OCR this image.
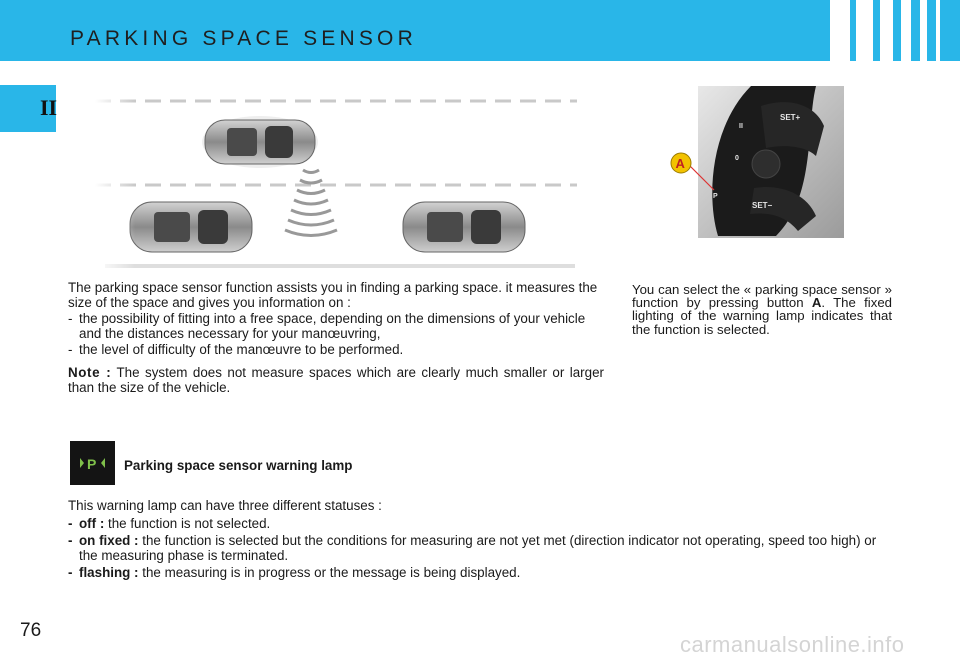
PARKING SPACE SENSOR
II	SET+
SET−
II
0
P
A

The parking space sensor function assists you in finding a parking space. it measures the size of the space and gives you information on :

- the possibility of fitting into a free space, depending on the dimensions of your vehicle and the distances necessary for your manœuvring,
- the level of difficulty of the manœuvre to be performed.
Note : The system does not measure spaces which are clearly much smaller or larger than the size of the vehicle.
You can select the « parking space sensor » function by pressing button A. The fixed lighting of the warning lamp indicates that the function is selected.
P Parking space sensor warning lamp
This warning lamp can have three different statuses :
- off : the function is not selected.
- on fixed : the function is selected but the conditions for measuring are not yet met (direction indicator not operating, speed too high) or the measuring phase is terminated.
- flashing : the measuring is in progress or the message is being displayed.
76
carmanualsonline.info
